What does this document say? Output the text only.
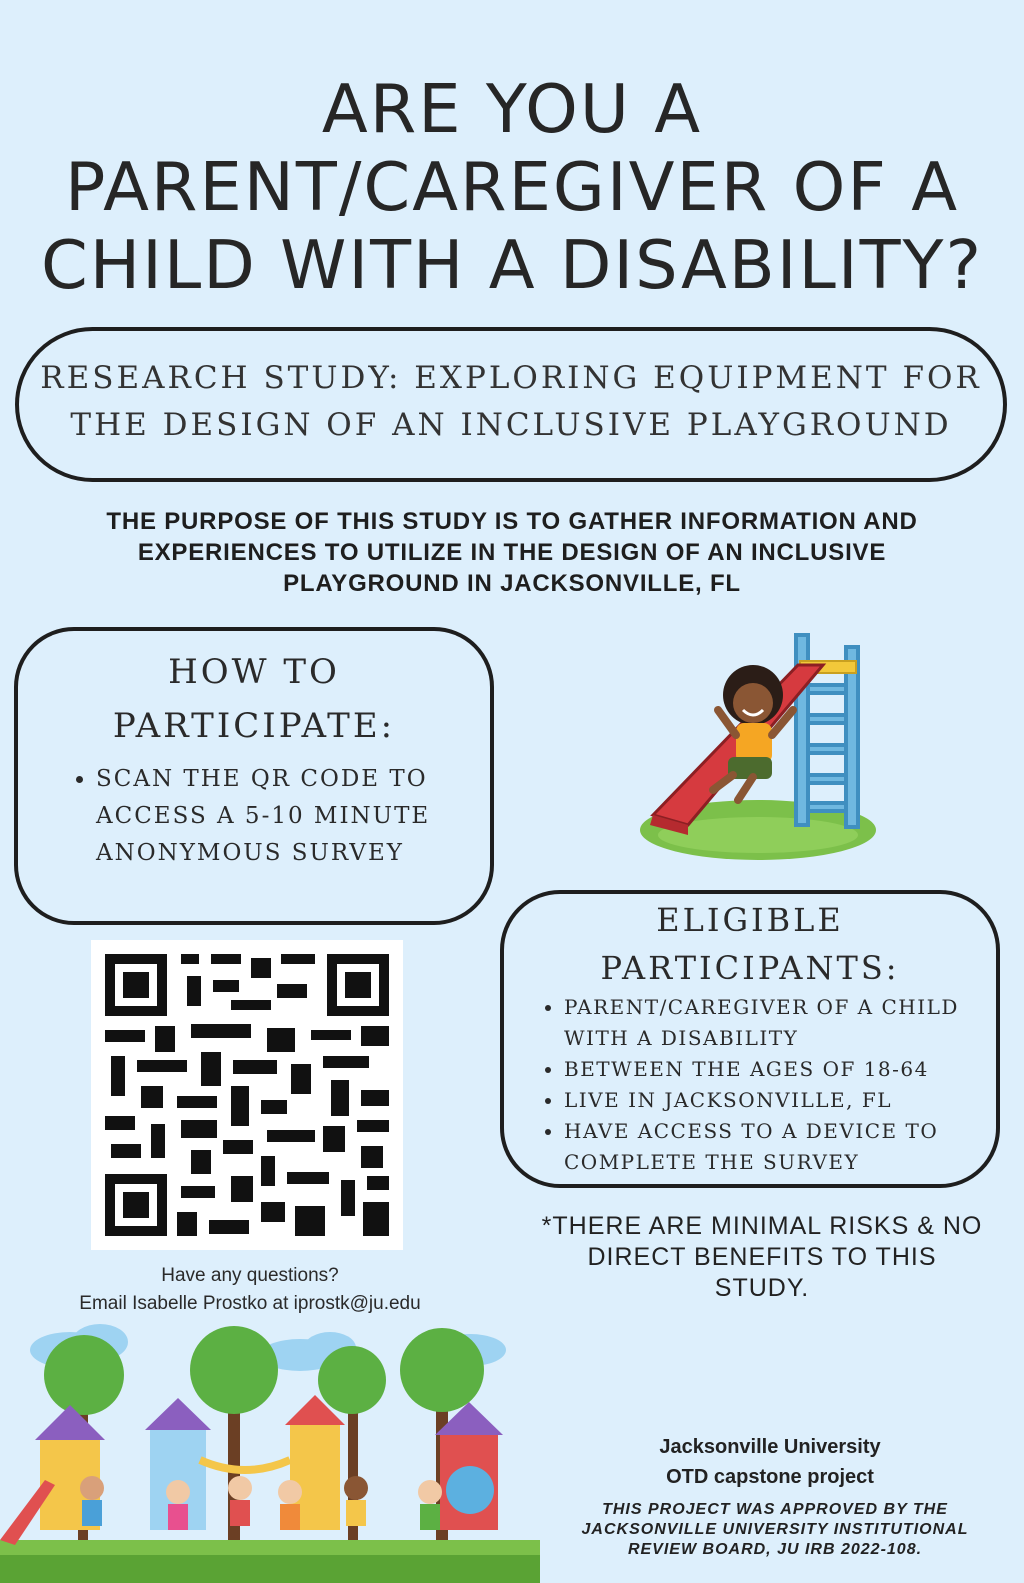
ARE YOU A
PARENT/CAREGIVER OF A
CHILD WITH A DISABILITY?
RESEARCH STUDY: EXPLORING EQUIPMENT FOR
THE DESIGN OF AN INCLUSIVE PLAYGROUND
THE PURPOSE OF THIS STUDY IS TO GATHER INFORMATION AND
EXPERIENCES TO UTILIZE IN THE DESIGN OF AN INCLUSIVE
PLAYGROUND IN JACKSONVILLE, FL
HOW TO
PARTICIPATE:
• SCAN THE QR CODE TO ACCESS A 5-10 MINUTE ANONYMOUS SURVEY
ELIGIBLE
PARTICIPANTS:
• PARENT/CAREGIVER OF A CHILD WITH A DISABILITY
• BETWEEN THE AGES OF 18-64
• LIVE IN JACKSONVILLE, FL
• HAVE ACCESS TO A DEVICE TO COMPLETE THE SURVEY
Have any questions?
Email Isabelle Prostko at iprostk@ju.edu
*THERE ARE MINIMAL RISKS & NO
DIRECT BENEFITS TO THIS
STUDY.
Jacksonville University
OTD capstone project
THIS PROJECT WAS APPROVED BY THE
JACKSONVILLE UNIVERSITY INSTITUTIONAL
REVIEW BOARD, JU IRB 2022-108.
